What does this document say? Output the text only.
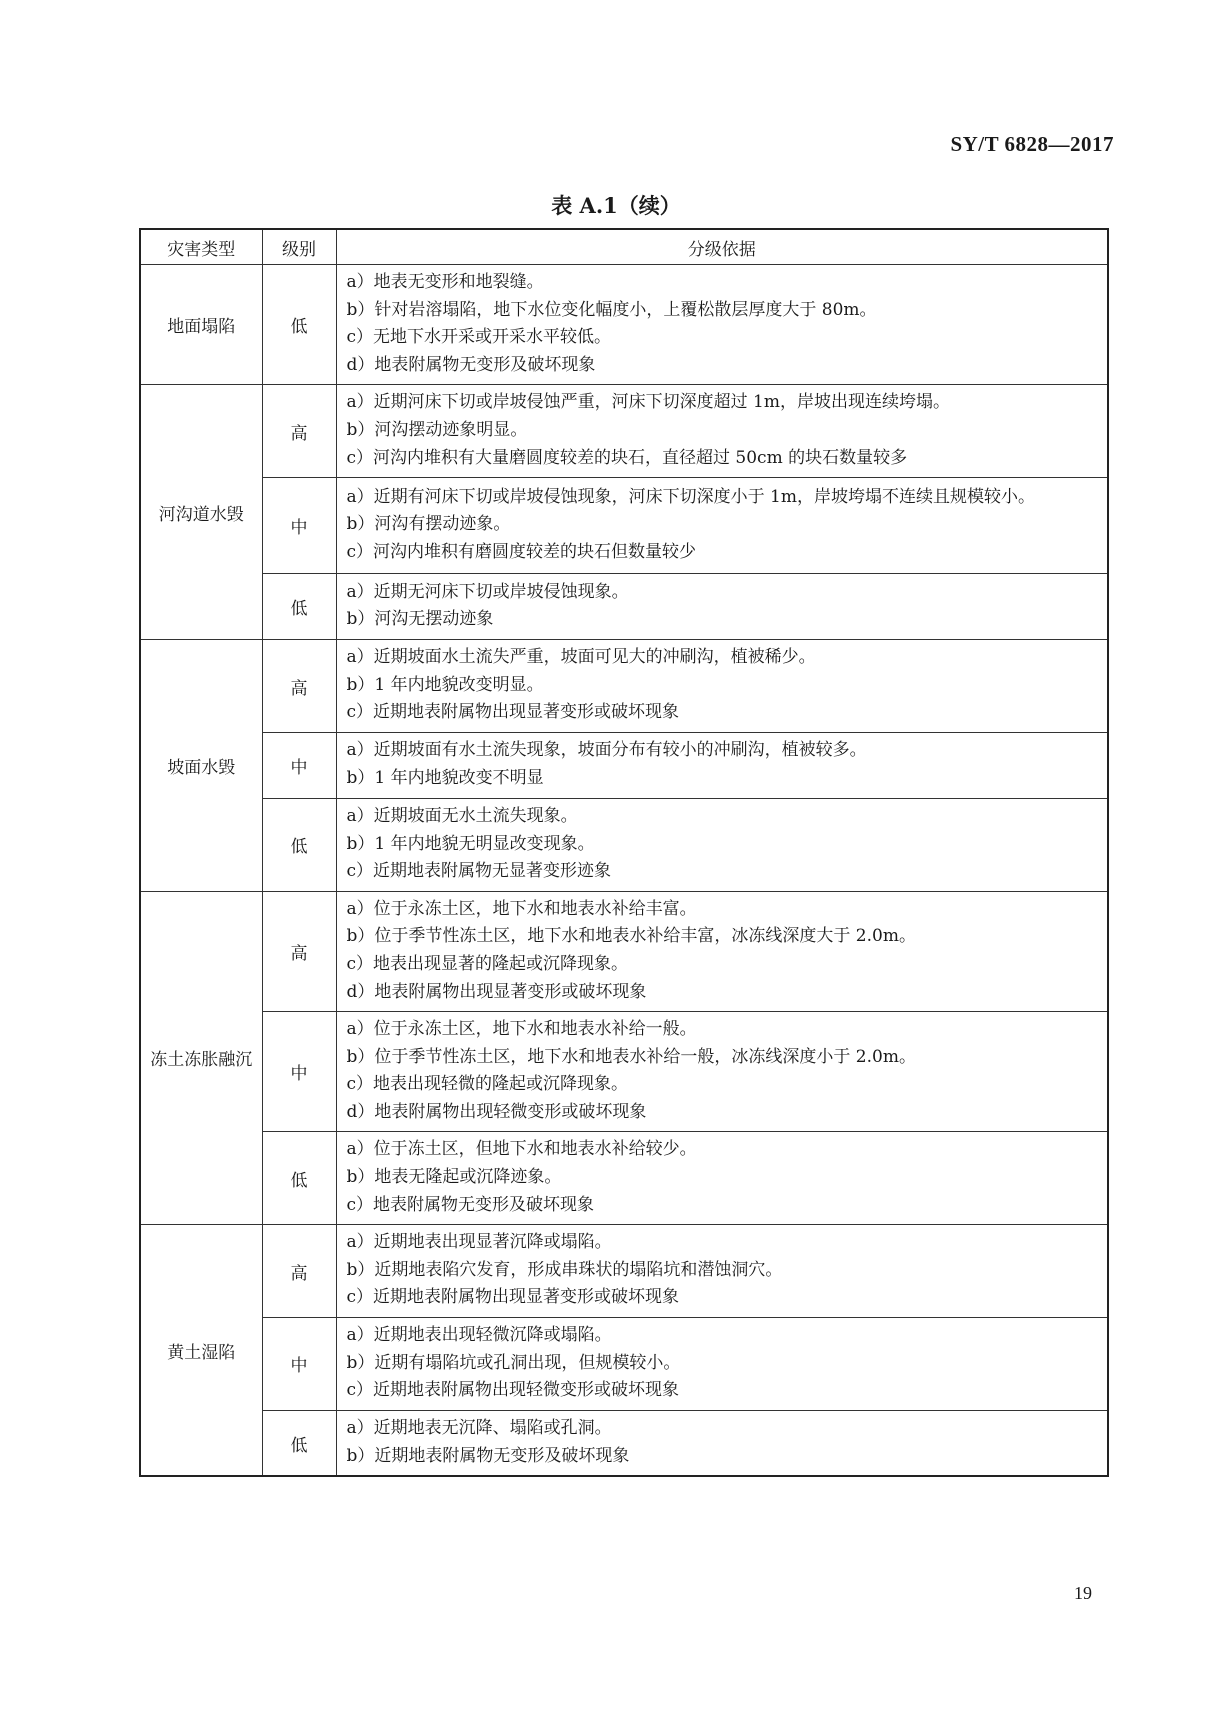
SY/T 6828—2017
表 A.1（续）
灾害类型	级别	分级依据
地面塌陷	低	a）地表无变形和地裂缝。
b）针对岩溶塌陷，地下水位变化幅度小，上覆松散层厚度大于 80m。
c）无地下水开采或开采水平较低。
d）地表附属物无变形及破坏现象

河沟道水毁	高	a）近期河床下切或岸坡侵蚀严重，河床下切深度超过 1m，岸坡出现连续垮塌。
b）河沟摆动迹象明显。
c）河沟内堆积有大量磨圆度较差的块石，直径超过 50cm 的块石数量较多

	中	a）近期有河床下切或岸坡侵蚀现象，河床下切深度小于 1m，岸坡垮塌不连续且规模较小。
b）河沟有摆动迹象。
c）河沟内堆积有磨圆度较差的块石但数量较少

	低	a）近期无河床下切或岸坡侵蚀现象。
b）河沟无摆动迹象

坡面水毁	高	a）近期坡面水土流失严重，坡面可见大的冲刷沟，植被稀少。
b）1 年内地貌改变明显。
c）近期地表附属物出现显著变形或破坏现象

	中	a）近期坡面有水土流失现象，坡面分布有较小的冲刷沟，植被较多。
b）1 年内地貌改变不明显

	低	a）近期坡面无水土流失现象。
b）1 年内地貌无明显改变现象。
c）近期地表附属物无显著变形迹象

冻土冻胀融沉	高	a）位于永冻土区，地下水和地表水补给丰富。
b）位于季节性冻土区，地下水和地表水补给丰富，冰冻线深度大于 2.0m。
c）地表出现显著的隆起或沉降现象。
d）地表附属物出现显著变形或破坏现象

	中	a）位于永冻土区，地下水和地表水补给一般。
b）位于季节性冻土区，地下水和地表水补给一般，冰冻线深度小于 2.0m。
c）地表出现轻微的隆起或沉降现象。
d）地表附属物出现轻微变形或破坏现象

	低	a）位于冻土区，但地下水和地表水补给较少。
b）地表无隆起或沉降迹象。
c）地表附属物无变形及破坏现象

黄土湿陷	高	a）近期地表出现显著沉降或塌陷。
b）近期地表陷穴发育，形成串珠状的塌陷坑和潜蚀洞穴。
c）近期地表附属物出现显著变形或破坏现象

	中	a）近期地表出现轻微沉降或塌陷。
b）近期有塌陷坑或孔洞出现，但规模较小。
c）近期地表附属物出现轻微变形或破坏现象

	低	a）近期地表无沉降、塌陷或孔洞。
b）近期地表附属物无变形及破坏现象
19
